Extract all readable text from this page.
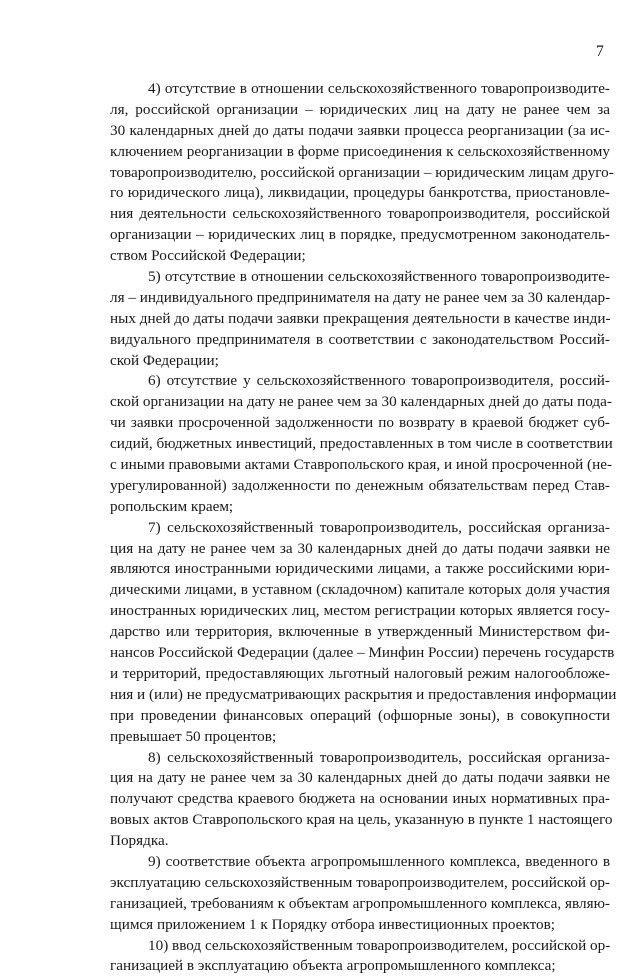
7
4) отсутствие в отношении сельскохозяйственного товаропроизводите-
ля, российской организации – юридических лиц на дату не ранее чем за
30 календарных дней до даты подачи заявки процесса реорганизации (за ис-
ключением реорганизации в форме присоединения к сельскохозяйственному
товаропроизводителю, российской организации – юридическим лицам друго-
го юридического лица), ликвидации, процедуры банкротства, приостановле-
ния деятельности сельскохозяйственного товаропроизводителя, российской
организации – юридических лиц в порядке, предусмотренном законодатель-
ством Российской Федерации;
5) отсутствие в отношении сельскохозяйственного товаропроизводите-
ля – индивидуального предпринимателя на дату не ранее чем за 30 календар-
ных дней до даты подачи заявки прекращения деятельности в качестве инди-
видуального предпринимателя в соответствии с законодательством Россий-
ской Федерации;
6) отсутствие у сельскохозяйственного товаропроизводителя, россий-
ской организации на дату не ранее чем за 30 календарных дней до даты пода-
чи заявки просроченной задолженности по возврату в краевой бюджет суб-
сидий, бюджетных инвестиций, предоставленных в том числе в соответствии
с иными правовыми актами Ставропольского края, и иной просроченной (не-
урегулированной) задолженности по денежным обязательствам перед Став-
ропольским краем;
7) сельскохозяйственный товаропроизводитель, российская организа-
ция на дату не ранее чем за 30 календарных дней до даты подачи заявки не
являются иностранными юридическими лицами, а также российскими юри-
дическими лицами, в уставном (складочном) капитале которых доля участия
иностранных юридических лиц, местом регистрации которых является госу-
дарство или территория, включенные в утвержденный Министерством фи-
нансов Российской Федерации (далее – Минфин России) перечень государств
и территорий, предоставляющих льготный налоговый режим налогообложе-
ния и (или) не предусматривающих раскрытия и предоставления информации
при проведении финансовых операций (офшорные зоны), в совокупности
превышает 50 процентов;
8) сельскохозяйственный товаропроизводитель, российская организа-
ция на дату не ранее чем за 30 календарных дней до даты подачи заявки не
получают средства краевого бюджета на основании иных нормативных пра-
вовых актов Ставропольского края на цель, указанную в пункте 1 настоящего
Порядка.
9) соответствие объекта агропромышленного комплекса, введенного в
эксплуатацию сельскохозяйственным товаропроизводителем, российской ор-
ганизацией, требованиям к объектам агропромышленного комплекса, являю-
щимся приложением 1 к Порядку отбора инвестиционных проектов;
10) ввод сельскохозяйственным товаропроизводителем, российской ор-
ганизацией в эксплуатацию объекта агропромышленного комплекса;
